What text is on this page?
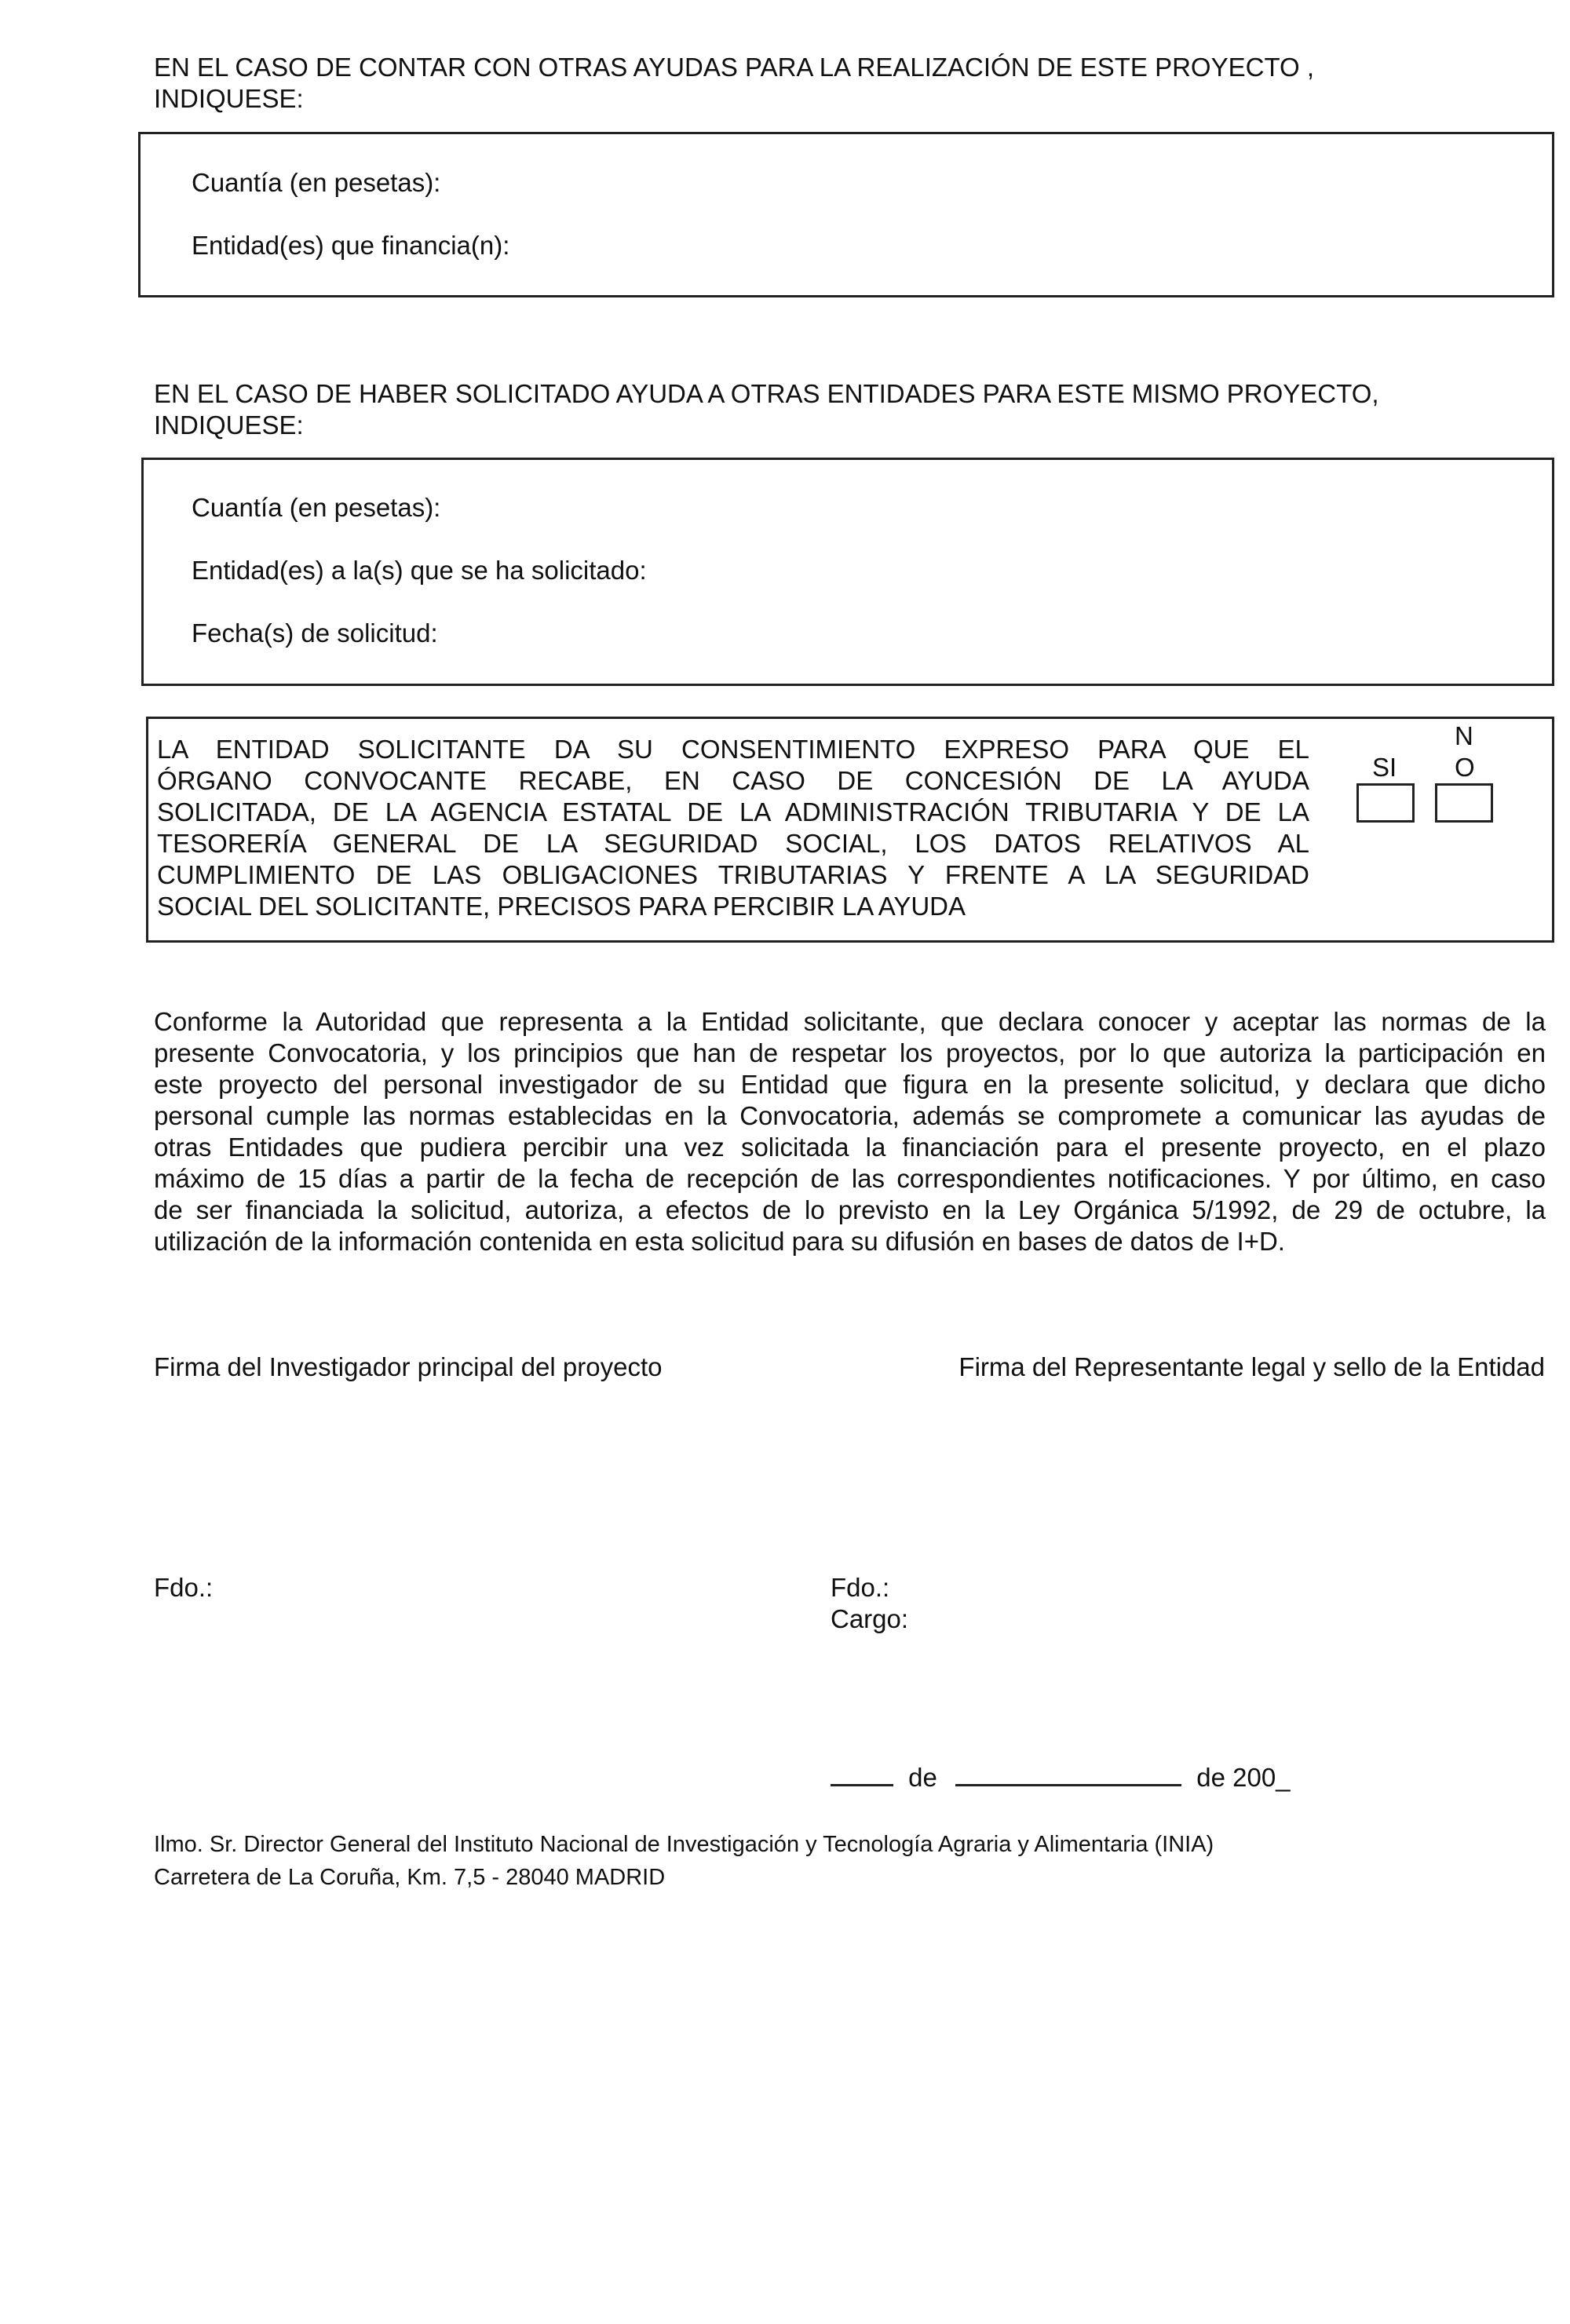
EN EL CASO DE CONTAR CON OTRAS AYUDAS PARA LA REALIZACIÓN DE ESTE PROYECTO ,
INDIQUESE:
Cuantía (en pesetas):
Entidad(es) que financia(n):
EN EL CASO DE HABER SOLICITADO AYUDA A OTRAS ENTIDADES PARA ESTE MISMO PROYECTO,
INDIQUESE:
Cuantía (en pesetas):
Entidad(es) a la(s) que se ha solicitado:
Fecha(s) de solicitud:
LA ENTIDAD SOLICITANTE DA SU CONSENTIMIENTO EXPRESO PARA QUE EL
ÓRGANO CONVOCANTE RECABE, EN CASO DE CONCESIÓN DE LA AYUDA
SOLICITADA, DE LA AGENCIA ESTATAL DE LA ADMINISTRACIÓN TRIBUTARIA Y DE LA
TESORERÍA GENERAL DE LA SEGURIDAD SOCIAL, LOS DATOS RELATIVOS AL
CUMPLIMIENTO DE LAS OBLIGACIONES TRIBUTARIAS Y FRENTE A LA SEGURIDAD
SOCIAL DEL SOLICITANTE, PRECISOS PARA PERCIBIR LA AYUDA
SI
N
O
Conforme la Autoridad que representa a la Entidad solicitante, que declara conocer y aceptar las normas de la
presente Convocatoria, y los principios que han de respetar los proyectos, por lo que autoriza la participación en
este proyecto del personal investigador de su Entidad que figura en la presente solicitud, y declara que dicho
personal cumple las normas establecidas en la Convocatoria, además se compromete a comunicar las ayudas de
otras Entidades que pudiera percibir una vez solicitada la financiación para el presente proyecto, en el plazo
máximo de 15 días a partir de la fecha de recepción de las correspondientes notificaciones. Y por último, en caso
de ser financiada la solicitud, autoriza, a efectos de lo previsto en la Ley Orgánica 5/1992, de 29 de octubre, la
utilización de la información contenida en esta solicitud para su difusión en bases de datos de I+D.
Firma del Investigador principal del proyecto	Firma del Representante legal y sello de la Entidad
Fdo.:	Fdo.:
Cargo:
de	de 200_
Ilmo. Sr. Director General del Instituto Nacional de Investigación y Tecnología Agraria y Alimentaria (INIA)
Carretera de La Coruña, Km. 7,5 - 28040 MADRID
